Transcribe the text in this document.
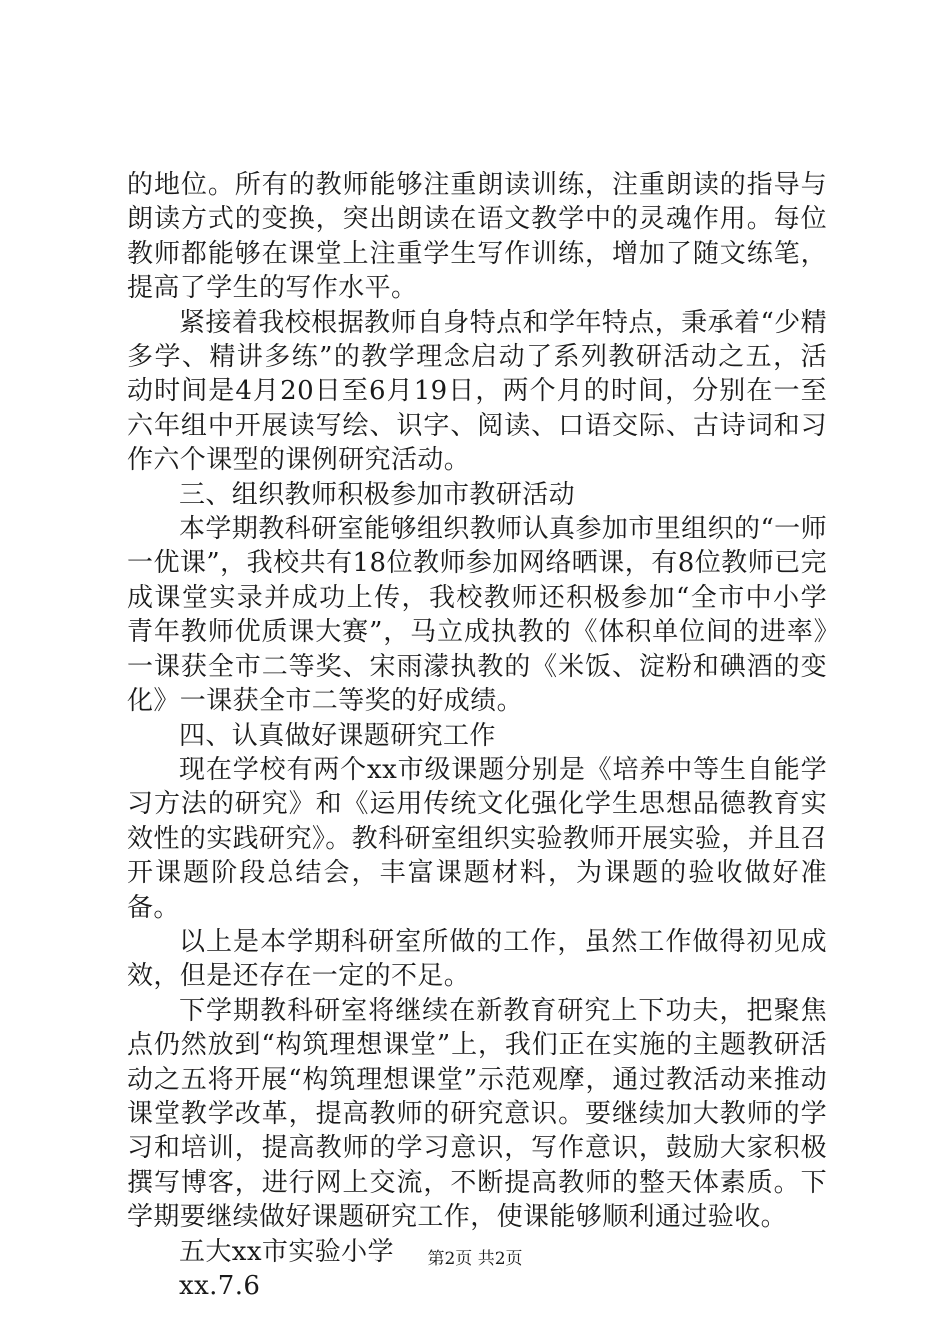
的地位。所有的教师能够注重朗读训练，注重朗读的指导与朗读方式的变换，突出朗读在语文教学中的灵魂作用。每位教师都能够在课堂上注重学生写作训练，增加了随文练笔，提高了学生的写作水平。

紧接着我校根据教师自身特点和学年特点，秉承着“少精多学、精讲多练”的教学理念启动了系列教研活动之五，活动时间是4月20日至6月19日，两个月的时间，分别在一至六年组中开展读写绘、识字、阅读、口语交际、古诗词和习作六个课型的课例研究活动。

三、组织教师积极参加市教研活动

本学期教科研室能够组织教师认真参加市里组织的“一师一优课”，我校共有18位教师参加网络晒课，有8位教师已完成课堂实录并成功上传，我校教师还积极参加“全市中小学青年教师优质课大赛”，马立成执教的《体积单位间的进率》一课获全市二等奖、宋雨濛执教的《米饭、淀粉和碘酒的变化》一课获全市二等奖的好成绩。

四、认真做好课题研究工作

现在学校有两个xx市级课题分别是《培养中等生自能学习方法的研究》和《运用传统文化强化学生思想品德教育实效性的实践研究》。教科研室组织实验教师开展实验，并且召开课题阶段总结会，丰富课题材料，为课题的验收做好准备。

以上是本学期科研室所做的工作，虽然工作做得初见成效，但是还存在一定的不足。

下学期教科研室将继续在新教育研究上下功夫，把聚焦点仍然放到“构筑理想课堂”上，我们正在实施的主题教研活动之五将开展“构筑理想课堂”示范观摩，通过教活动来推动课堂教学改革，提高教师的研究意识。要继续加大教师的学习和培训，提高教师的学习意识，写作意识，鼓励大家积极撰写博客，进行网上交流，不断提高教师的整天体素质。下学期要继续做好课题研究工作，使课能够顺利通过验收。

五大xx市实验小学

xx.7.6

第2页 共2页
